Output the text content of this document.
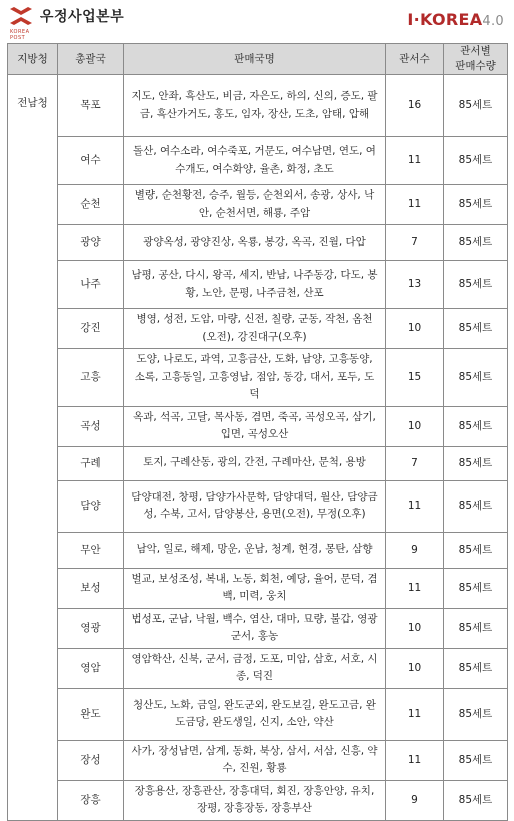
KOREA POST
우정사업본부	I·KOREA4.0
지방청	총괄국	판매국명	관서수	관서별
판매수량
전남청	목포	지도, 안좌, 흑산도, 비금, 자은도, 하의, 신의, 증도, 팔금, 흑산가거도, 홍도, 임자, 장산, 도초, 암태, 압해	16	85세트
	여수	돌산, 여수소라, 여수죽포, 거문도, 여수남면, 연도, 여수개도, 여수화양, 율촌, 화정, 초도	11	85세트
	순천	별량, 순천황전, 승주, 월등, 순천외서, 송광, 상사, 낙안, 순천서면, 해룡, 주암	11	85세트
	광양	광양옥성, 광양진상, 옥룡, 봉강, 옥곡, 진월, 다압	7	85세트
	나주	남평, 공산, 다시, 왕곡, 세지, 반남, 나주동강, 다도, 봉황, 노안, 문평, 나주금천, 산포	13	85세트
	강진	병영, 성전, 도암, 마량, 신전, 칠량, 군동, 작천, 옴천(오전), 강진대구(오후)	10	85세트
	고흥	도양, 나로도, 과역, 고흥금산, 도화, 남양, 고흥동양, 소록, 고흥동일, 고흥영남, 점암, 동강, 대서, 포두, 도덕	15	85세트
	곡성	옥과, 석곡, 고달, 목사동, 겸면, 죽곡, 곡성오곡, 삼기, 입면, 곡성오산	10	85세트
	구례	토지, 구례산동, 광의, 간전, 구례마산, 문척, 용방	7	85세트
	담양	담양대전, 창평, 담양가사문학, 담양대덕, 월산, 담양금성, 수북, 고서, 담양봉산, 용면(오전), 무정(오후)	11	85세트
	무안	남악, 일로, 해제, 망운, 운남, 청계, 현경, 몽탄, 삼향	9	85세트
	보성	벌교, 보성조성, 복내, 노동, 회천, 예당, 율어, 문덕, 겸백, 미력, 웅치	11	85세트
	영광	법성포, 군남, 낙월, 백수, 염산, 대마, 묘량, 불갑, 영광군서, 홍농	10	85세트
	영암	영암학산, 신북, 군서, 금정, 도포, 미암, 삼호, 서호, 시종, 덕진	10	85세트
	완도	청산도, 노화, 금일, 완도군외, 완도보길, 완도고금, 완도금당, 완도생일, 신지, 소안, 약산	11	85세트
	장성	사가, 장성남면, 삼계, 동화, 북상, 삼서, 서삼, 신흥, 약수, 진원, 황룡	11	85세트
	장흥	장흥용산, 장흥관산, 장흥대덕, 회진, 장흥안양, 유치, 장평, 장흥장동, 장흥부산	9	85세트
